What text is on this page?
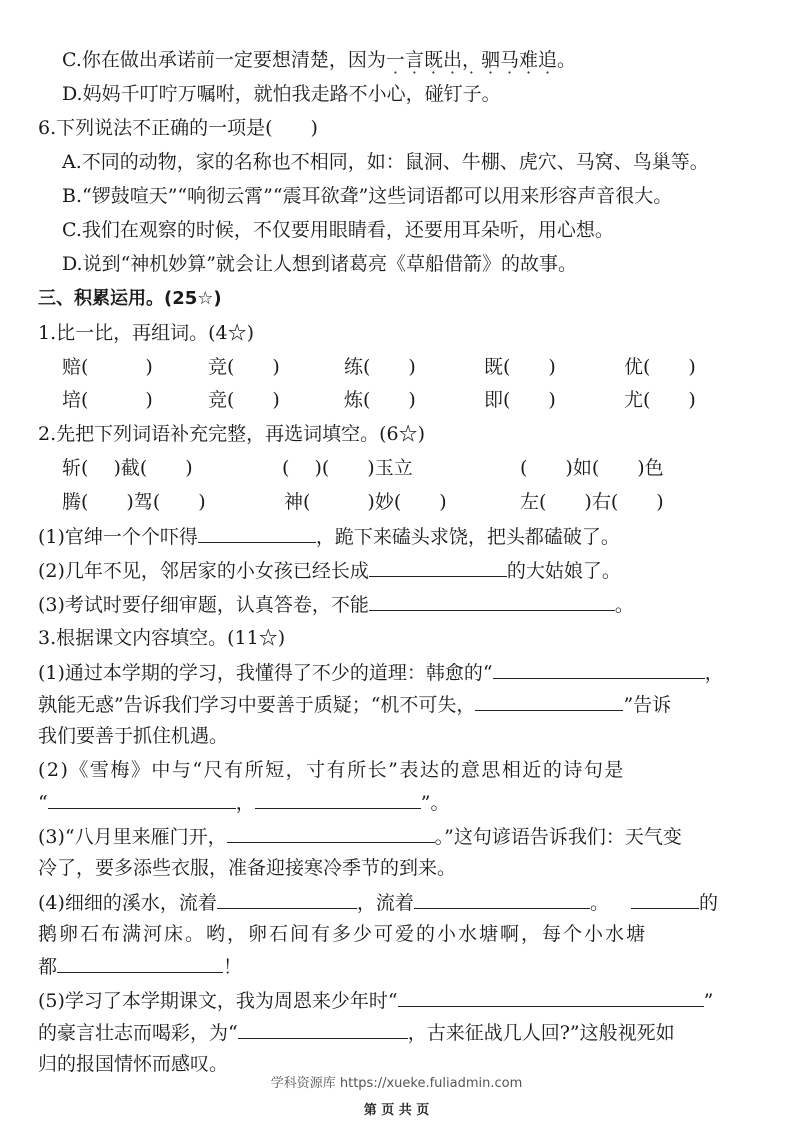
C.你在做出承诺前一定要想清楚，因为一言既出， ·驷马难追。
D.妈妈千叮咛万嘱咐，就怕我走路不小心，碰钉子。
6.下列说法不正确的一项是(　　)
A.不同的动物，家的名称也不相同，如：鼠洞、牛棚、虎穴、马窝、鸟巢等。
B.“锣鼓喧天”“响彻云霄”“震耳欲聋”这些词语都可以用来形容声音很大。
C.我们在观察的时候，不仅要用眼睛看，还要用耳朵听，用心想。
D.说到“神机妙算”就会让人想到诸葛亮《草船借箭》的故事。
三、积累运用。(25☆)
1.比一比，再组词。(4☆)
赔(　　　)	竞(　　)	练(　　)	既(　　)	优(　　)
培(　　　)	竞(　　)	炼(　　)	即(　　)	尤(　　)
2.先把下列词语补充完整，再选词填空。(6☆)
斩(　 )截(　　)	(　 )(　　)玉立	(　　)如(　　)色
腾(　　)驾(　　)	神(　　　)妙(　　)	左(　　)右(　　)
(1)官绅一个个吓得	，跪下来磕头求饶，把头都磕破了。
(2)几年不见，邻居家的小女孩已经长成	的大姑娘了。
(3)考试时要仔细审题，认真答卷，不能	。
3.根据课文内容填空。(11☆)
(1)通过本学期的学习，我懂得了不少的道理：韩愈的“	，
孰能无惑”告诉我们学习中要善于质疑；“机不可失，	”告诉
我们要善于抓住机遇。
(2)《雪梅》中与“尺有所短，寸有所长”表达的意思相近的诗句是
“	，	”。
(3)“八月里来雁门开，	。”这句谚语告诉我们：天气变
冷了，要多添些衣服，准备迎接寒冷季节的到来。
(4)细细的溪水，流着	，流着	。	的
鹅卵石布满河床。哟，卵石间有多少可爱的小水塘啊，每个小水塘
都	！
(5)学习了本学期课文，我为周恩来少年时“	”
的豪言壮志而喝彩，为“	，古来征战几人回?”这般视死如
归的报国情怀而感叹。
学科资源库 https://xueke.fuliadmin.com
第 页 共 页
